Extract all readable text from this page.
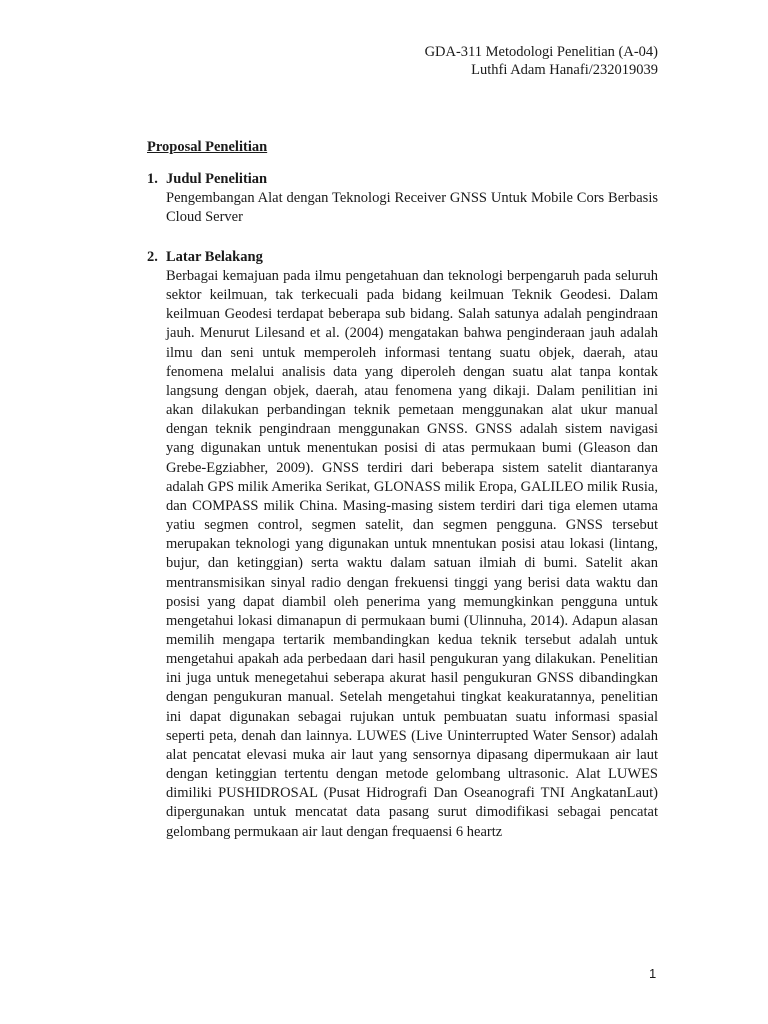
GDA-311 Metodologi Penelitian (A-04)
Luthfi Adam Hanafi/232019039
Proposal Penelitian
1. Judul Penelitian
Pengembangan Alat dengan Teknologi Receiver GNSS Untuk Mobile Cors Berbasis Cloud Server
2. Latar Belakang
Berbagai kemajuan pada ilmu pengetahuan dan teknologi berpengaruh pada seluruh sektor keilmuan, tak terkecuali pada bidang keilmuan Teknik Geodesi. Dalam keilmuan Geodesi terdapat beberapa sub bidang. Salah satunya adalah pengindraan jauh. Menurut Lilesand et al. (2004) mengatakan bahwa penginderaan jauh adalah ilmu dan seni untuk memperoleh informasi tentang suatu objek, daerah, atau fenomena melalui analisis data yang diperoleh dengan suatu alat tanpa kontak langsung dengan objek, daerah, atau fenomena yang dikaji. Dalam penilitian ini akan dilakukan perbandingan teknik pemetaan menggunakan alat ukur manual dengan teknik pengindraan menggunakan GNSS. GNSS adalah sistem navigasi yang digunakan untuk menentukan posisi di atas permukaan bumi (Gleason dan Grebe-Egziabher, 2009). GNSS terdiri dari beberapa sistem satelit diantaranya adalah GPS milik Amerika Serikat, GLONASS milik Eropa, GALILEO milik Rusia, dan COMPASS milik China. Masing-masing sistem terdiri dari tiga elemen utama yatiu segmen control, segmen satelit, dan segmen pengguna. GNSS tersebut merupakan teknologi yang digunakan untuk mnentukan posisi atau lokasi (lintang, bujur, dan ketinggian) serta waktu dalam satuan ilmiah di bumi. Satelit akan mentransmisikan sinyal radio dengan frekuensi tinggi yang berisi data waktu dan posisi yang dapat diambil oleh penerima yang memungkinkan pengguna untuk mengetahui lokasi dimanapun di permukaan bumi (Ulinnuha, 2014). Adapun alasan memilih mengapa tertarik membandingkan kedua teknik tersebut adalah untuk mengetahui apakah ada perbedaan dari hasil pengukuran yang dilakukan. Penelitian ini juga untuk menegetahui seberapa akurat hasil pengukuran GNSS dibandingkan dengan pengukuran manual. Setelah mengetahui tingkat keakuratannya, penelitian ini dapat digunakan sebagai rujukan untuk pembuatan suatu informasi spasial seperti peta, denah dan lainnya. LUWES (Live Uninterrupted Water Sensor) adalah alat pencatat elevasi muka air laut yang sensornya dipasang dipermukaan air laut dengan ketinggian tertentu dengan metode gelombang ultrasonic. Alat LUWES dimiliki PUSHIDROSAL (Pusat Hidrografi Dan Oseanografi TNI AngkatanLaut) dipergunakan untuk mencatat data pasang surut dimodifikasi sebagai pencatat gelombang permukaan air laut dengan frequaensi 6 heartz
1
